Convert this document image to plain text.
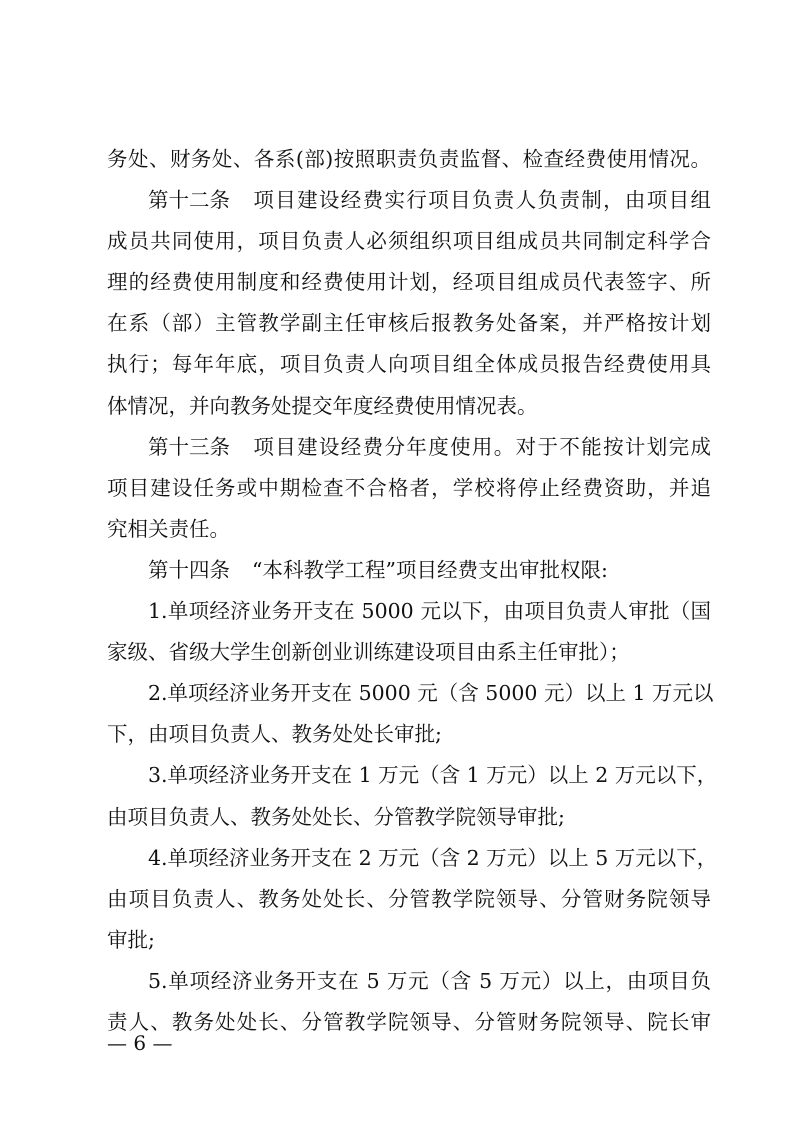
务处、财务处、各系(部)按照职责负责监督、检查经费使用情况。
第十二条 项目建设经费实行项目负责人负责制，由项目组
成员共同使用，项目负责人必须组织项目组成员共同制定科学合
理的经费使用制度和经费使用计划，经项目组成员代表签字、所
在系（部）主管教学副主任审核后报教务处备案，并严格按计划
执行；每年年底，项目负责人向项目组全体成员报告经费使用具
体情况，并向教务处提交年度经费使用情况表。
第十三条 项目建设经费分年度使用。对于不能按计划完成
项目建设任务或中期检查不合格者，学校将停止经费资助，并追
究相关责任。
第十四条 “本科教学工程”项目经费支出审批权限:
1.单项经济业务开支在 5000 元以下，由项目负责人审批（国
家级、省级大学生创新创业训练建设项目由系主任审批）；
2.单项经济业务开支在 5000 元（含 5000 元）以上 1 万元以
下，由项目负责人、教务处处长审批;
3.单项经济业务开支在 1 万元（含 1 万元）以上 2 万元以下，
由项目负责人、教务处处长、分管教学院领导审批;
4.单项经济业务开支在 2 万元（含 2 万元）以上 5 万元以下，
由项目负责人、教务处处长、分管教学院领导、分管财务院领导
审批;
5.单项经济业务开支在 5 万元（含 5 万元）以上，由项目负
责人、教务处处长、分管教学院领导、分管财务院领导、院长审
— 6 —
